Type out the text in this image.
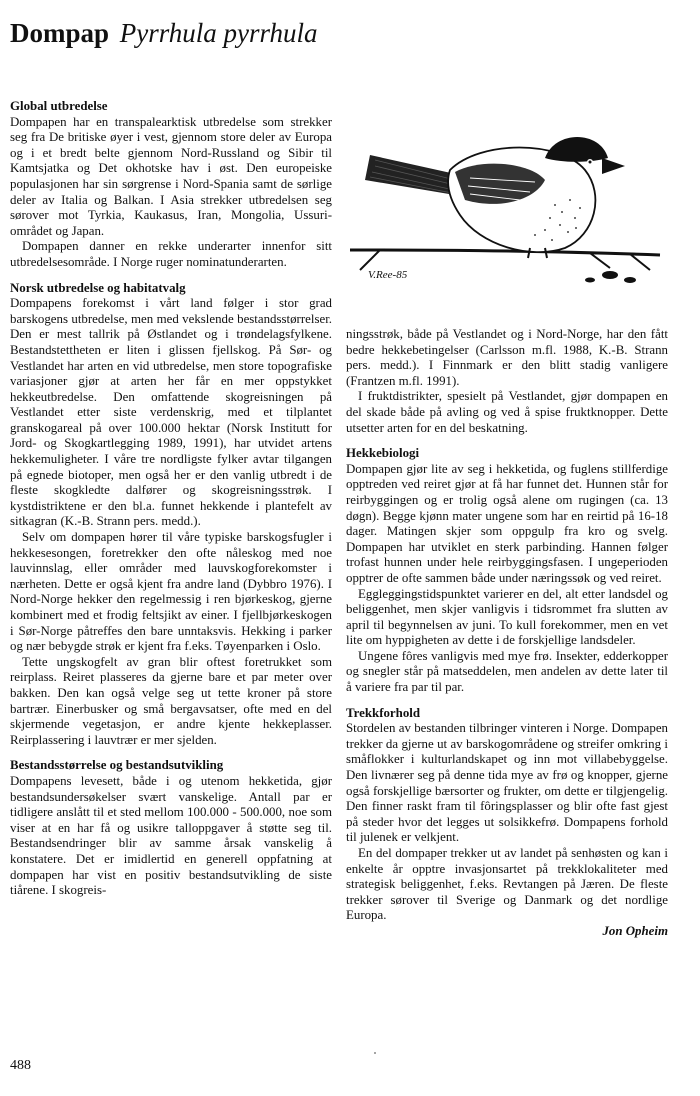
Dompap Pyrrhula pyrrhula
V.Ree-85
Global utbredelse

Dompapen har en transpalearktisk utbredelse som strekker seg fra De britiske øyer i vest, gjennom store deler av Europa og i et bredt belte gjennom Nord-Russland og Sibir til Kamtsjatka og Det okhotske hav i øst. Den europeiske populasjonen har sin sørgrense i Nord-Spania samt de sørlige deler av Italia og Balkan. I Asia strekker utbredelsen seg sørover mot Tyrkia, Kaukasus, Iran, Mongolia, Ussuri-området og Japan.

Dompapen danner en rekke underarter innenfor sitt utbredelsesområde. I Norge ruger nominatunderarten.

Norsk utbredelse og habitatvalg

Dompapens forekomst i vårt land følger i stor grad barskogens utbredelse, men med vekslende bestandsstørrelser. Den er mest tallrik på Østlandet og i trøndelagsfylkene. Bestandstettheten er liten i glissen fjellskog. På Sør- og Vestlandet har arten en vid utbredelse, men store topografiske variasjoner gjør at arten her får en mer oppstykket hekkeutbredelse. Den omfattende skogreisningen på Vestlandet etter siste verdenskrig, med et tilplantet granskogareal på over 100.000 hektar (Norsk Institutt for Jord- og Skogkartlegging 1989, 1991), har utvidet artens hekkemuligheter. I våre tre nordligste fylker avtar tilgangen på egnede biotoper, men også her er den vanlig utbredt i de fleste skogkledte dalfører og skogreisningsstrøk. I kystdistriktene er den bl.a. funnet hekkende i plantefelt av sitkagran (K.-B. Strann pers. medd.).

Selv om dompapen hører til våre typiske barskogsfugler i hekkesesongen, foretrekker den ofte nåleskog med noe lauvinnslag, eller områder med lauvskogforekomster i nærheten. Dette er også kjent fra andre land (Dybbro 1976). I Nord-Norge hekker den regelmessig i ren bjørkeskog, gjerne kombinert med et frodig feltsjikt av einer. I fjellbjørkeskogen i Sør-Norge påtreffes den bare unntaksvis. Hekking i parker og nær bebygde strøk er kjent fra f.eks. Tøyenparken i Oslo.

Tette ungskogfelt av gran blir oftest foretrukket som reirplass. Reiret plasseres da gjerne bare et par meter over bakken. Den kan også velge seg ut tette kroner på store bartrær. Einerbusker og små bergavsatser, ofte med en del skjermende vegetasjon, er andre kjente hekkeplasser. Reirplassering i lauvtrær er mer sjelden.

Bestandsstørrelse og bestandsutvikling

Dompapens levesett, både i og utenom hekketida, gjør bestandsundersøkelser svært vanskelige. Antall par er tidligere anslått til et sted mellom 100.000 - 500.000, noe som viser at en har få og usikre talloppgaver å støtte seg til. Bestandsendringer blir av samme årsak vanskelig å konstatere. Det er imidlertid en generell oppfatning at dompapen har vist en positiv bestandsutvikling de siste tiårene. I skogreis-

ningsstrøk, både på Vestlandet og i Nord-Norge, har den fått bedre hekkebetingelser (Carlsson m.fl. 1988, K.-B. Strann pers. medd.). I Finnmark er den blitt stadig vanligere (Frantzen m.fl. 1991).

I fruktdistrikter, spesielt på Vestlandet, gjør dompapen en del skade både på avling og ved å spise fruktknopper. Dette utsetter arten for en del beskatning.

Hekkebiologi

Dompapen gjør lite av seg i hekketida, og fuglens stillferdige opptreden ved reiret gjør at få har funnet det. Hunnen står for reirbyggingen og er trolig også alene om rugingen (ca. 13 døgn). Begge kjønn mater ungene som har en reirtid på 16-18 dager. Matingen skjer som oppgulp fra kro og svelg. Dompapen har utviklet en sterk parbinding. Hannen følger trofast hunnen under hele reirbyggingsfasen. I ungeperioden opptrer de ofte sammen både under næringssøk og ved reiret.

Eggleggingstidspunktet varierer en del, alt etter landsdel og beliggenhet, men skjer vanligvis i tidsrommet fra slutten av april til begynnelsen av juni. To kull forekommer, men en vet lite om hyppigheten av dette i de forskjellige landsdeler.

Ungene fôres vanligvis med mye frø. Insekter, edderkopper og snegler står på matseddelen, men andelen av dette later til å variere fra par til par.

Trekkforhold

Stordelen av bestanden tilbringer vinteren i Norge. Dompapen trekker da gjerne ut av barskogområdene og streifer omkring i småflokker i kulturlandskapet og inn mot villabebyggelse. Den livnærer seg på denne tida mye av frø og knopper, gjerne også forskjellige bærsorter og frukter, om dette er tilgjengelig. Den finner raskt fram til fôringsplasser og blir ofte fast gjest på steder hvor det legges ut solsikkefrø. Dompapens forhold til julenek er velkjent.

En del dompaper trekker ut av landet på senhøsten og kan i enkelte år opptre invasjonsartet på trekklokaliteter med strategisk beliggenhet, f.eks. Revtangen på Jæren. De fleste trekker sørover til Sverige og Danmark og det nordlige Europa.

Jon Opheim

488
